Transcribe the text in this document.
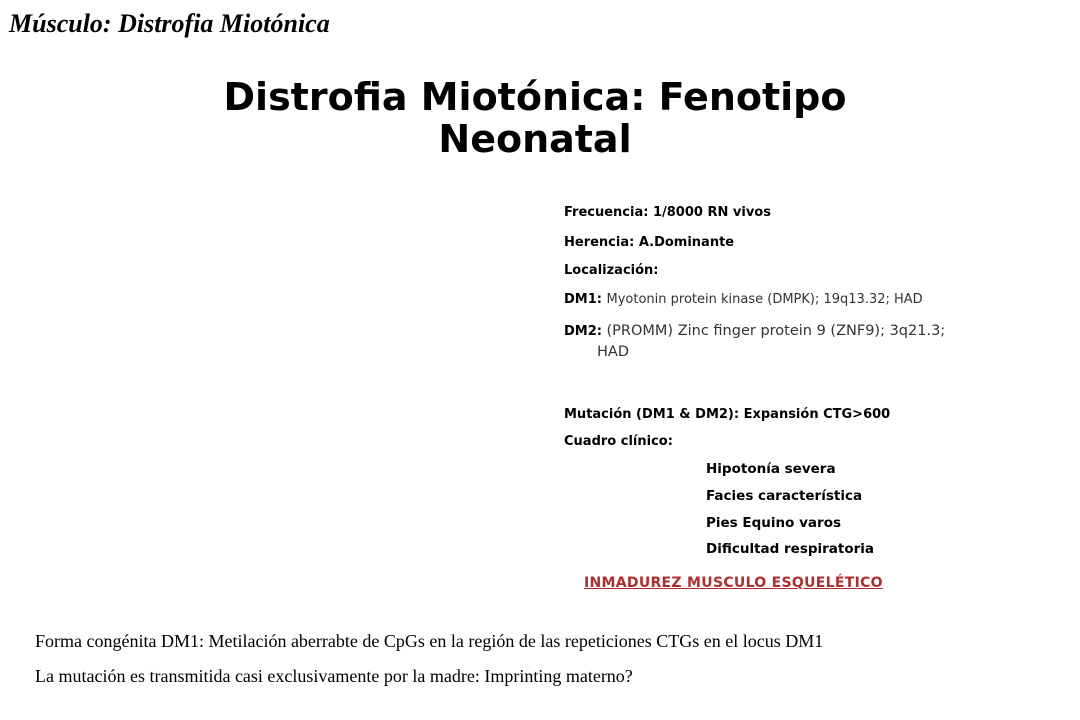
Músculo: Distrofia Miotónica
Distrofia Miotónica: Fenotipo Neonatal
Frecuencia: 1/8000 RN vivos
Herencia: A.Dominante
Localización:
DM1: Myotonin protein kinase (DMPK); 19q13.32; HAD
DM2: (PROMM) Zinc finger protein 9 (ZNF9); 3q21.3;
HAD
Mutación (DM1 & DM2): Expansión CTG>600
Cuadro clínico:
Hipotonía severa
Facies característica
Pies Equino varos
Dificultad respiratoria
INMADUREZ MUSCULO ESQUELÉTICO
Forma congénita DM1: Metilación aberrabte de CpGs en la región de las repeticiones CTGs en el locus DM1
La mutación es transmitida casi exclusivamente por la madre: Imprinting materno?
